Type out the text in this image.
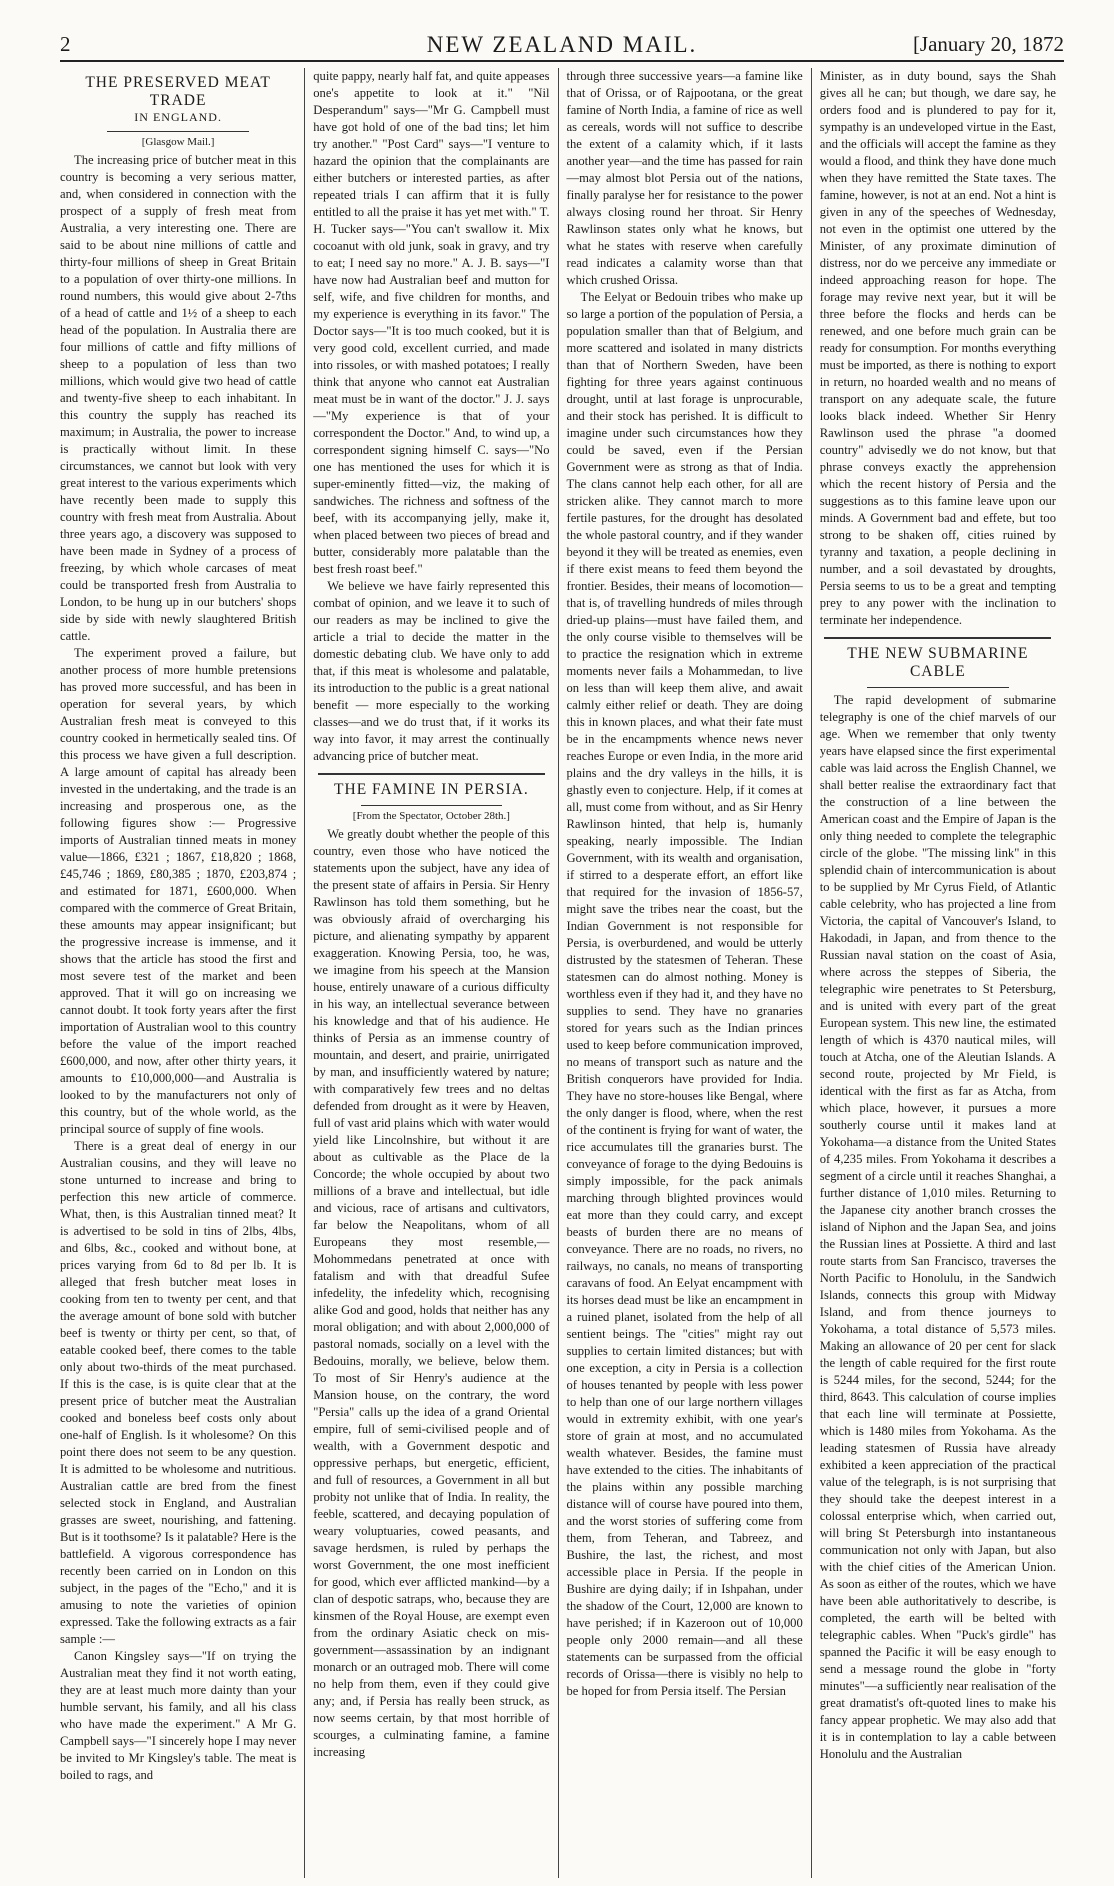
2	NEW ZEALAND MAIL.	[January 20, 1872
THE PRESERVED MEAT TRADE
IN ENGLAND.
[Glasgow Mail.]

The increasing price of butcher meat in this country is becoming a very serious matter, and, when considered in connection with the prospect of a supply of fresh meat from Australia, a very interesting one. There are said to be about nine millions of cattle and thirty-four millions of sheep in Great Britain to a population of over thirty-one millions. In round numbers, this would give about 2-7ths of a head of cattle and 1½ of a sheep to each head of the population. In Australia there are four millions of cattle and fifty millions of sheep to a population of less than two millions, which would give two head of cattle and twenty-five sheep to each inhabitant. In this country the supply has reached its maximum; in Australia, the power to increase is practically without limit. In these circumstances, we cannot but look with very great interest to the various experiments which have recently been made to supply this country with fresh meat from Australia. About three years ago, a discovery was supposed to have been made in Sydney of a process of freezing, by which whole carcases of meat could be transported fresh from Australia to London, to be hung up in our butchers' shops side by side with newly slaughtered British cattle.

The experiment proved a failure, but another process of more humble pretensions has proved more successful, and has been in operation for several years, by which Australian fresh meat is conveyed to this country cooked in hermetically sealed tins. Of this process we have given a full description. A large amount of capital has already been invested in the undertaking, and the trade is an increasing and prosperous one, as the following figures show :— Progressive imports of Australian tinned meats in money value—1866, £321 ; 1867, £18,820 ; 1868, £45,746 ; 1869, £80,385 ; 1870, £203,874 ; and estimated for 1871, £600,000. When compared with the commerce of Great Britain, these amounts may appear insignificant; but the progressive increase is immense, and it shows that the article has stood the first and most severe test of the market and been approved. That it will go on increasing we cannot doubt. It took forty years after the first importation of Australian wool to this country before the value of the import reached £600,000, and now, after other thirty years, it amounts to £10,000,000—and Australia is looked to by the manufacturers not only of this country, but of the whole world, as the principal source of supply of fine wools.

There is a great deal of energy in our Australian cousins, and they will leave no stone unturned to increase and bring to perfection this new article of commerce. What, then, is this Australian tinned meat? It is advertised to be sold in tins of 2lbs, 4lbs, and 6lbs, &c., cooked and without bone, at prices varying from 6d to 8d per lb. It is alleged that fresh butcher meat loses in cooking from ten to twenty per cent, and that the average amount of bone sold with butcher beef is twenty or thirty per cent, so that, of eatable cooked beef, there comes to the table only about two-thirds of the meat purchased. If this is the case, is is quite clear that at the present price of butcher meat the Australian cooked and boneless beef costs only about one-half of English. Is it wholesome? On this point there does not seem to be any question. It is admitted to be wholesome and nutritious. Australian cattle are bred from the finest selected stock in England, and Australian grasses are sweet, nourishing, and fattening. But is it toothsome? Is it palatable? Here is the battlefield. A vigorous correspondence has recently been carried on in London on this subject, in the pages of the "Echo," and it is amusing to note the varieties of opinion expressed. Take the following extracts as a fair sample :—

Canon Kingsley says—"If on trying the Australian meat they find it not worth eating, they are at least much more dainty than your humble servant, his family, and all his class who have made the experiment." A Mr G. Campbell says—"I sincerely hope I may never be invited to Mr Kingsley's table. The meat is boiled to rags, and

quite pappy, nearly half fat, and quite appeases one's appetite to look at it." "Nil Desperandum" says—"Mr G. Campbell must have got hold of one of the bad tins; let him try another." "Post Card" says—"I venture to hazard the opinion that the complainants are either butchers or interested parties, as after repeated trials I can affirm that it is fully entitled to all the praise it has yet met with." T. H. Tucker says—"You can't swallow it. Mix cocoanut with old junk, soak in gravy, and try to eat; I need say no more." A. J. B. says—"I have now had Australian beef and mutton for self, wife, and five children for months, and my experience is everything in its favor." The Doctor says—"It is too much cooked, but it is very good cold, excellent curried, and made into rissoles, or with mashed potatoes; I really think that anyone who cannot eat Australian meat must be in want of the doctor." J. J. says—"My experience is that of your correspondent the Doctor." And, to wind up, a correspondent signing himself C. says—"No one has mentioned the uses for which it is super-eminently fitted—viz, the making of sandwiches. The richness and softness of the beef, with its accompanying jelly, make it, when placed between two pieces of bread and butter, considerably more palatable than the best fresh roast beef."

We believe we have fairly represented this combat of opinion, and we leave it to such of our readers as may be inclined to give the article a trial to decide the matter in the domestic debating club. We have only to add that, if this meat is wholesome and palatable, its introduction to the public is a great national benefit — more especially to the working classes—and we do trust that, if it works its way into favor, it may arrest the continually advancing price of butcher meat.

THE FAMINE IN PERSIA.
[From the Spectator, October 28th.]

We greatly doubt whether the people of this country, even those who have noticed the statements upon the subject, have any idea of the present state of affairs in Persia. Sir Henry Rawlinson has told them something, but he was obviously afraid of overcharging his picture, and alienating sympathy by apparent exaggeration. Knowing Persia, too, he was, we imagine from his speech at the Mansion house, entirely unaware of a curious difficulty in his way, an intellectual severance between his knowledge and that of his audience. He thinks of Persia as an immense country of mountain, and desert, and prairie, unirrigated by man, and insufficiently watered by nature; with comparatively few trees and no deltas defended from drought as it were by Heaven, full of vast arid plains which with water would yield like Lincolnshire, but without it are about as cultivable as the Place de la Concorde; the whole occupied by about two millions of a brave and intellectual, but idle and vicious, race of artisans and cultivators, far below the Neapolitans, whom of all Europeans they most resemble,—Mohommedans penetrated at once with fatalism and with that dreadful Sufee infedelity, the infedelity which, recognising alike God and good, holds that neither has any moral obligation; and with about 2,000,000 of pastoral nomads, socially on a level with the Bedouins, morally, we believe, below them. To most of Sir Henry's audience at the Mansion house, on the contrary, the word "Persia" calls up the idea of a grand Oriental empire, full of semi-civilised people and of wealth, with a Government despotic and oppressive perhaps, but energetic, efficient, and full of resources, a Government in all but probity not unlike that of India. In reality, the feeble, scattered, and decaying population of weary voluptuaries, cowed peasants, and savage herdsmen, is ruled by perhaps the worst Government, the one most inefficient for good, which ever afflicted mankind—by a clan of despotic satraps, who, because they are kinsmen of the Royal House, are exempt even from the ordinary Asiatic check on mis-government—assassination by an indignant monarch or an outraged mob. There will come no help from them, even if they could give any; and, if Persia has really been struck, as now seems certain, by that most horrible of scourges, a culminating famine, a famine increasing

through three successive years—a famine like that of Orissa, or of Rajpootana, or the great famine of North India, a famine of rice as well as cereals, words will not suffice to describe the extent of a calamity which, if it lasts another year—and the time has passed for rain—may almost blot Persia out of the nations, finally paralyse her for resistance to the power always closing round her throat. Sir Henry Rawlinson states only what he knows, but what he states with reserve when carefully read indicates a calamity worse than that which crushed Orissa.

The Eelyat or Bedouin tribes who make up so large a portion of the population of Persia, a population smaller than that of Belgium, and more scattered and isolated in many districts than that of Northern Sweden, have been fighting for three years against continuous drought, until at last forage is unprocurable, and their stock has perished. It is difficult to imagine under such circumstances how they could be saved, even if the Persian Government were as strong as that of India. The clans cannot help each other, for all are stricken alike. They cannot march to more fertile pastures, for the drought has desolated the whole pastoral country, and if they wander beyond it they will be treated as enemies, even if there exist means to feed them beyond the frontier. Besides, their means of locomotion—that is, of travelling hundreds of miles through dried-up plains—must have failed them, and the only course visible to themselves will be to practice the resignation which in extreme moments never fails a Mohammedan, to live on less than will keep them alive, and await calmly either relief or death. They are doing this in known places, and what their fate must be in the encampments whence news never reaches Europe or even India, in the more arid plains and the dry valleys in the hills, it is ghastly even to conjecture. Help, if it comes at all, must come from without, and as Sir Henry Rawlinson hinted, that help is, humanly speaking, nearly impossible. The Indian Government, with its wealth and organisation, if stirred to a desperate effort, an effort like that required for the invasion of 1856-57, might save the tribes near the coast, but the Indian Government is not responsible for Persia, is overburdened, and would be utterly distrusted by the statesmen of Teheran. These statesmen can do almost nothing. Money is worthless even if they had it, and they have no supplies to send. They have no granaries stored for years such as the Indian princes used to keep before communication improved, no means of transport such as nature and the British conquerors have provided for India. They have no store-houses like Bengal, where the only danger is flood, where, when the rest of the continent is frying for want of water, the rice accumulates till the granaries burst. The conveyance of forage to the dying Bedouins is simply impossible, for the pack animals marching through blighted provinces would eat more than they could carry, and except beasts of burden there are no means of conveyance. There are no roads, no rivers, no railways, no canals, no means of transporting caravans of food. An Eelyat encampment with its horses dead must be like an encampment in a ruined planet, isolated from the help of all sentient beings. The "cities" might ray out supplies to certain limited distances; but with one exception, a city in Persia is a collection of houses tenanted by people with less power to help than one of our large northern villages would in extremity exhibit, with one year's store of grain at most, and no accumulated wealth whatever. Besides, the famine must have extended to the cities. The inhabitants of the plains within any possible marching distance will of course have poured into them, and the worst stories of suffering come from them, from Teheran, and Tabreez, and Bushire, the last, the richest, and most accessible place in Persia. If the people in Bushire are dying daily; if in Ishpahan, under the shadow of the Court, 12,000 are known to have perished; if in Kazeroon out of 10,000 people only 2000 remain—and all these statements can be surpassed from the official records of Orissa—there is visibly no help to be hoped for from Persia itself. The Persian

Minister, as in duty bound, says the Shah gives all he can; but though, we dare say, he orders food and is plundered to pay for it, sympathy is an undeveloped virtue in the East, and the officials will accept the famine as they would a flood, and think they have done much when they have remitted the State taxes. The famine, however, is not at an end. Not a hint is given in any of the speeches of Wednesday, not even in the optimist one uttered by the Minister, of any proximate diminution of distress, nor do we perceive any immediate or indeed approaching reason for hope. The forage may revive next year, but it will be three before the flocks and herds can be renewed, and one before much grain can be ready for consumption. For months everything must be imported, as there is nothing to export in return, no hoarded wealth and no means of transport on any adequate scale, the future looks black indeed. Whether Sir Henry Rawlinson used the phrase "a doomed country" advisedly we do not know, but that phrase conveys exactly the apprehension which the recent history of Persia and the suggestions as to this famine leave upon our minds. A Government bad and effete, but too strong to be shaken off, cities ruined by tyranny and taxation, a people declining in number, and a soil devastated by droughts, Persia seems to us to be a great and tempting prey to any power with the inclination to terminate her independence.

THE NEW SUBMARINE CABLE

The rapid development of submarine telegraphy is one of the chief marvels of our age. When we remember that only twenty years have elapsed since the first experimental cable was laid across the English Channel, we shall better realise the extraordinary fact that the construction of a line between the American coast and the Empire of Japan is the only thing needed to complete the telegraphic circle of the globe. "The missing link" in this splendid chain of intercommunication is about to be supplied by Mr Cyrus Field, of Atlantic cable celebrity, who has projected a line from Victoria, the capital of Vancouver's Island, to Hakodadi, in Japan, and from thence to the Russian naval station on the coast of Asia, where across the steppes of Siberia, the telegraphic wire penetrates to St Petersburg, and is united with every part of the great European system. This new line, the estimated length of which is 4370 nautical miles, will touch at Atcha, one of the Aleutian Islands. A second route, projected by Mr Field, is identical with the first as far as Atcha, from which place, however, it pursues a more southerly course until it makes land at Yokohama—a distance from the United States of 4,235 miles. From Yokohama it describes a segment of a circle until it reaches Shanghai, a further distance of 1,010 miles. Returning to the Japanese city another branch crosses the island of Niphon and the Japan Sea, and joins the Russian lines at Possiette. A third and last route starts from San Francisco, traverses the North Pacific to Honolulu, in the Sandwich Islands, connects this group with Midway Island, and from thence journeys to Yokohama, a total distance of 5,573 miles. Making an allowance of 20 per cent for slack the length of cable required for the first route is 5244 miles, for the second, 5244; for the third, 8643. This calculation of course implies that each line will terminate at Possiette, which is 1480 miles from Yokohama. As the leading statesmen of Russia have already exhibited a keen appreciation of the practical value of the telegraph, is is not surprising that they should take the deepest interest in a colossal enterprise which, when carried out, will bring St Petersburgh into instantaneous communication not only with Japan, but also with the chief cities of the American Union. As soon as either of the routes, which we have have been able authoritatively to describe, is completed, the earth will be belted with telegraphic cables. When "Puck's girdle" has spanned the Pacific it will be easy enough to send a message round the globe in "forty minutes"—a sufficiently near realisation of the great dramatist's oft-quoted lines to make his fancy appear prophetic. We may also add that it is in contemplation to lay a cable between Honolulu and the Australian
